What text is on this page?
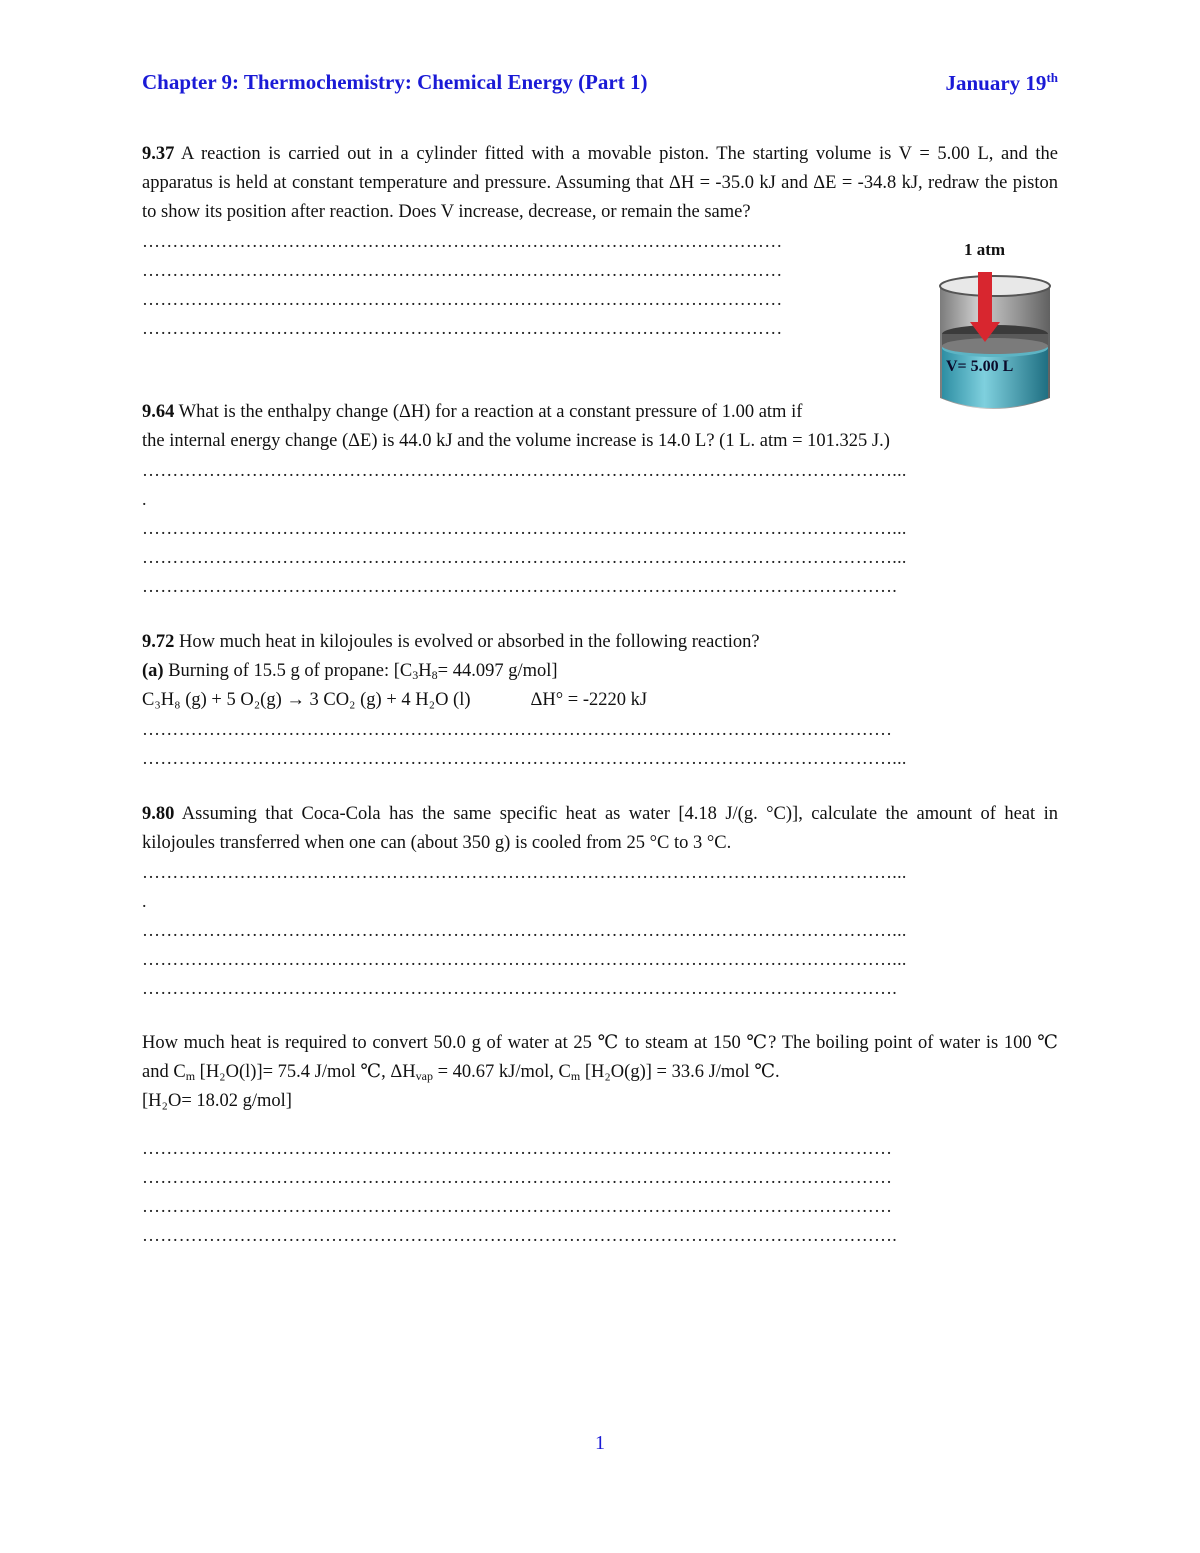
Chapter 9: Thermochemistry: Chemical Energy (Part 1)	January 19th

9.37 A reaction is carried out in a cylinder fitted with a movable piston. The starting volume is V = 5.00 L, and the apparatus is held at constant temperature and pressure. Assuming that ΔH = -35.0 kJ and ΔE = -34.8 kJ, redraw the piston to show its position after reaction. Does V increase, decrease, or remain the same?

……………………………………………………………………………………………
……………………………………………………………………………………………
……………………………………………………………………………………………
……………………………………………………………………………………………
1 atm
V= 5.00 L

9.64 What is the enthalpy change (ΔH) for a reaction at a constant pressure of 1.00 atm if

the internal energy change (ΔE) is 44.0 kJ and the volume increase is 14.0 L? (1 L. atm = 101.325 J.)

……………………………………………………………………………………………………………...
.
……………………………………………………………………………………………………………...
……………………………………………………………………………………………………………...
…………………………………………………………………………………………………………….

9.72 How much heat in kilojoules is evolved or absorbed in the following reaction?

(a) Burning of 15.5 g of propane: [$C_3H_8= 44.097$ g/mol]

C₃H₈ (g) + 5 O₂(g) → 3 CO₂ (g) + 4 H₂O (l)	ΔH° = -2220 kJ

……………………………………………………………………………………………………………
……………………………………………………………………………………………………………...

9.80 Assuming that Coca-Cola has the same specific heat as water [4.18 J/(g. °C)], calculate the amount of heat in kilojoules transferred when one can (about 350 g) is cooled from 25 °C to 3 °C.

……………………………………………………………………………………………………………...
.
……………………………………………………………………………………………………………...
……………………………………………………………………………………………………………...
…………………………………………………………………………………………………………….

How much heat is required to convert 50.0 g of water at 25 ℃ to steam at 150 ℃? The boiling point of water is 100 ℃ and $C_m$ [H₂O(l)]= 75.4 J/mol ℃, $\Delta H_{vap} = 40.67$ kJ/mol, $C_m$ [H₂O(g)] = 33.6 J/mol ℃.

[H₂O= 18.02 g/mol]

……………………………………………………………………………………………………………
……………………………………………………………………………………………………………
……………………………………………………………………………………………………………
…………………………………………………………………………………………………………….
1
